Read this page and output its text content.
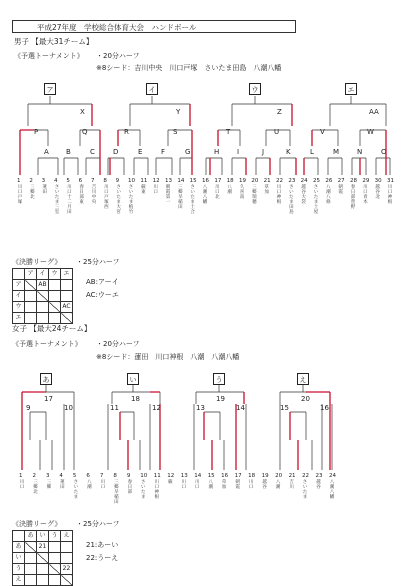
平成27年度　学校総合体育大会　ハンドボール
男子 【最大31チーム】
《予選トーナメント》 ・20分ハーフ
※8シード：吉川中央　川口戸塚　さいたま田島　八潮八幡
ア	イ	ウ	エ
X	Y	Z	AA
P	Q	R	S	T	U	V	W
A B	C	D	E	F	G	H	I	J	K	L	M	N	O
1 2 3 4 5 6 7 8 9 10 11 12 13 14 15 16 17 18 19 20 21 22 23 24 25 26 27 28 29 30 31
川口戸塚
三郷北
蓮田
さいたま三室
川口十二月田
春日部東
吉川中央
川口戸塚西
さいたま大宮
さいたま植竹
蕨東
川口
朝霞第一
三郷早稲田
さいたま土合
八潮八幡
川口北
八潮
久喜南
三郷瑞穂
草加
川口神根
さいたま田島
越谷大袋
さいたま土屋
八潮八條
朝霞
春日部豊野
川口青木
越谷北
川口神根
《決勝リーグ》 ・25分ハーフ
	ア	イ	ウ	エ
ア		AB		
イ				
ウ				AC
エ				
AB:アーイ
AC:ウーエ
女子 【最大24チーム】
《予選トーナメント》 ・20分ハーフ
※8シード：蓮田　川口神根　八潮　八潮八幡
あ	い	う	え
17	18	19	20
9	10	11	12	13	14	15	16
1 2 3 4 5 6 7 8 9 10 11 12 13 14 15 16 17 18 19 20 21 22 23 24
川口
三郷北
三郷
蓮田
さいたま
八潮
川口
三郷早稲田
春日部
さいたま
川口神根
蕨 川口
川口
八潮
草加
朝霞
川口
越谷
八潮
吉川
さいたま
越谷
八潮八幡
《決勝リーグ》 ・25分ハーフ
	あ	い	う	え
あ		21		
い				
う				22
え				
21:あーい
22:うーえ
